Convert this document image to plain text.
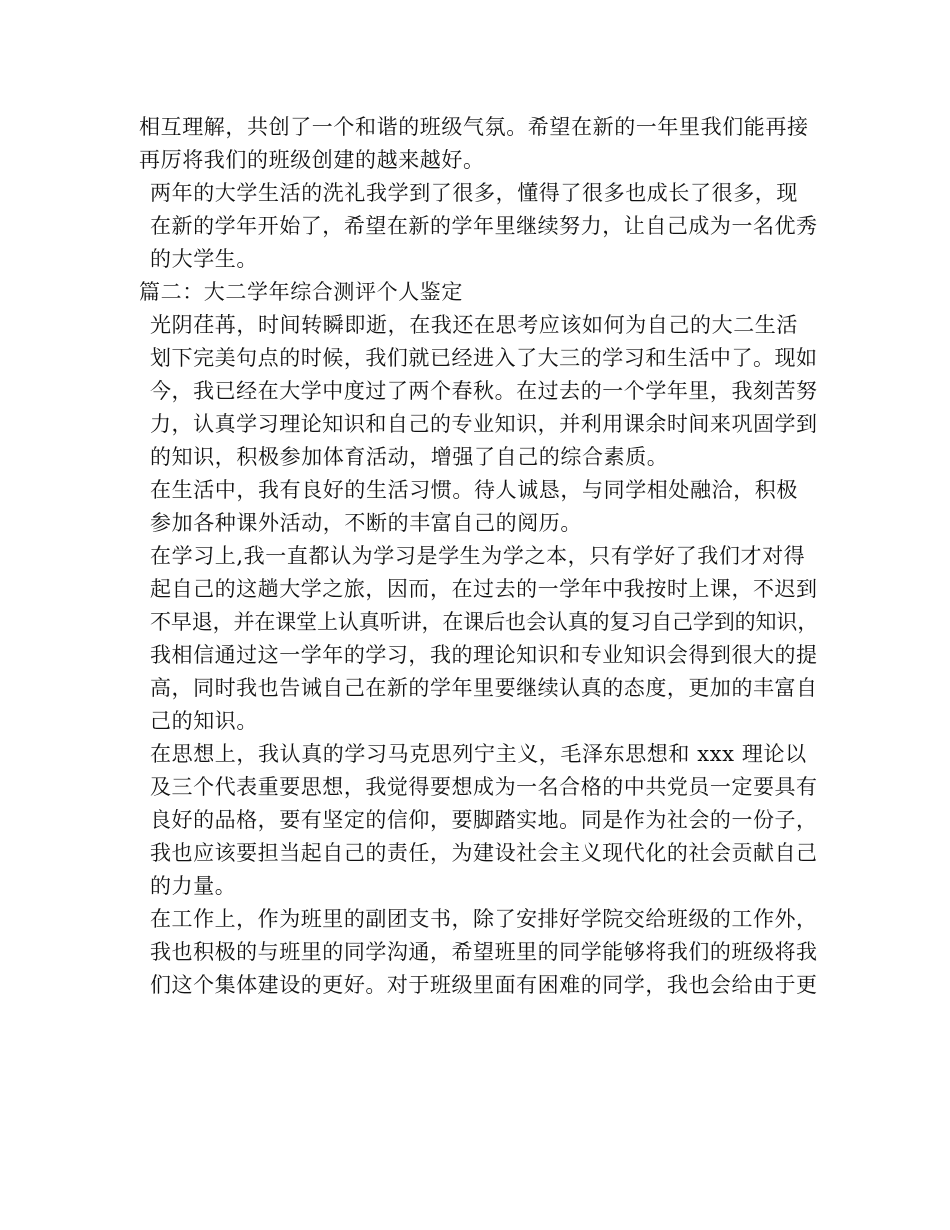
相互理解，共创了一个和谐的班级气氛。希望在新的一年里我们能再接
再厉将我们的班级创建的越来越好。

两年的大学生活的洗礼我学到了很多，懂得了很多也成长了很多，现
在新的学年开始了，希望在新的学年里继续努力，让自己成为一名优秀
的大学生。

篇二：大二学年综合测评个人鉴定

光阴荏苒，时间转瞬即逝，在我还在思考应该如何为自己的大二生活
划下完美句点的时候，我们就已经进入了大三的学习和生活中了。现如
今，我已经在大学中度过了两个春秋。在过去的一个学年里，我刻苦努
力，认真学习理论知识和自己的专业知识，并利用课余时间来巩固学到
的知识，积极参加体育活动，增强了自己的综合素质。

在生活中，我有良好的生活习惯。待人诚恳，与同学相处融洽，积极
参加各种课外活动，不断的丰富自己的阅历。

在学习上,我一直都认为学习是学生为学之本，只有学好了我们才对得
起自己的这趟大学之旅，因而，在过去的一学年中我按时上课，不迟到
不早退，并在课堂上认真听讲，在课后也会认真的复习自己学到的知识，
我相信通过这一学年的学习，我的理论知识和专业知识会得到很大的提
高，同时我也告诫自己在新的学年里要继续认真的态度，更加的丰富自
己的知识。

在思想上，我认真的学习马克思列宁主义，毛泽东思想和 xxx 理论以
及三个代表重要思想，我觉得要想成为一名合格的中共党员一定要具有
良好的品格，要有坚定的信仰，要脚踏实地。同是作为社会的一份子，
我也应该要担当起自己的责任，为建设社会主义现代化的社会贡献自己
的力量。

在工作上，作为班里的副团支书，除了安排好学院交给班级的工作外，
我也积极的与班里的同学沟通，希望班里的同学能够将我们的班级将我
们这个集体建设的更好。对于班级里面有困难的同学，我也会给由于更
